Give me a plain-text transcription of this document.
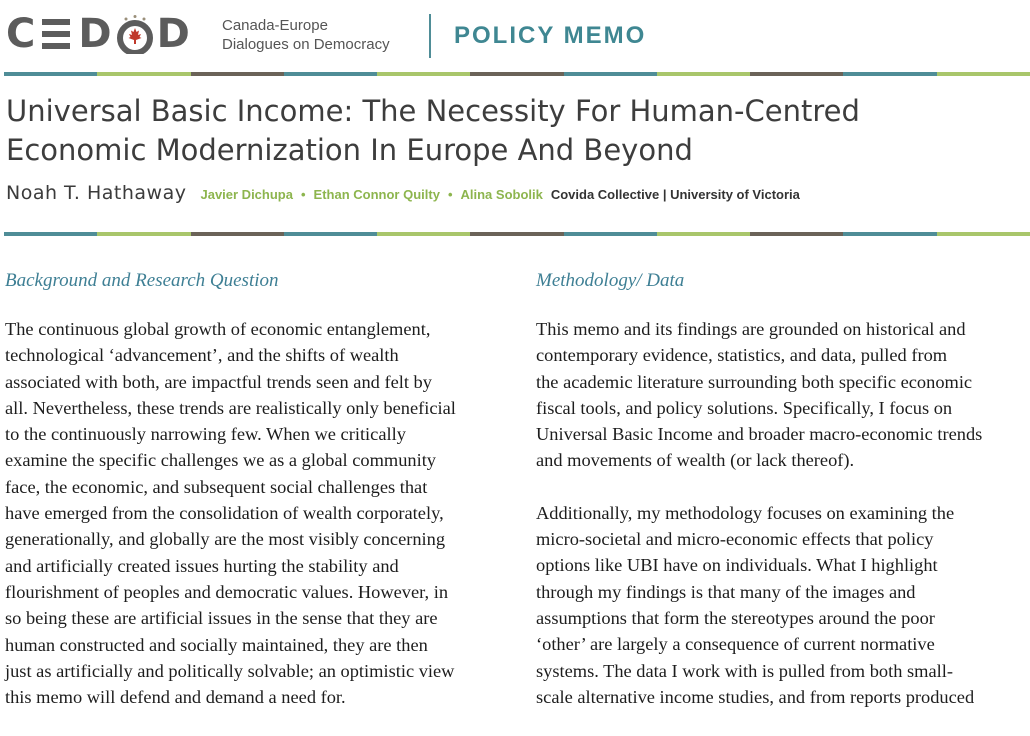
C D D Canada-Europe
Dialogues on Democracy	POLICY MEMO
Universal Basic Income: The Necessity For Human-Centred
Economic Modernization In Europe And Beyond
Noah T. Hathaway Javier Dichupa • Ethan Connor Quilty • Alina Sobolik Covida Collective | University of Victoria
Background and Research Question

The continuous global growth of economic entanglement,
technological ‘advancement’, and the shifts of wealth
associated with both, are impactful trends seen and felt by
all. Nevertheless, these trends are realistically only beneficial
to the continuously narrowing few. When we critically
examine the specific challenges we as a global community
face, the economic, and subsequent social challenges that
have emerged from the consolidation of wealth corporately,
generationally, and globally are the most visibly concerning
and artificially created issues hurting the stability and
flourishment of peoples and democratic values. However, in
so being these are artificial issues in the sense that they are
human constructed and socially maintained, they are then
just as artificially and politically solvable; an optimistic view
this memo will defend and demand a need for.

Methodology/ Data

This memo and its findings are grounded on historical and
contemporary evidence, statistics, and data, pulled from
the academic literature surrounding both specific economic
fiscal tools, and policy solutions. Specifically, I focus on
Universal Basic Income and broader macro-economic trends
and movements of wealth (or lack thereof).

Additionally, my methodology focuses on examining the
micro-societal and micro-economic effects that policy
options like UBI have on individuals. What I highlight
through my findings is that many of the images and
assumptions that form the stereotypes around the poor
‘other’ are largely a consequence of current normative
systems. The data I work with is pulled from both small-
scale alternative income studies, and from reports produced
